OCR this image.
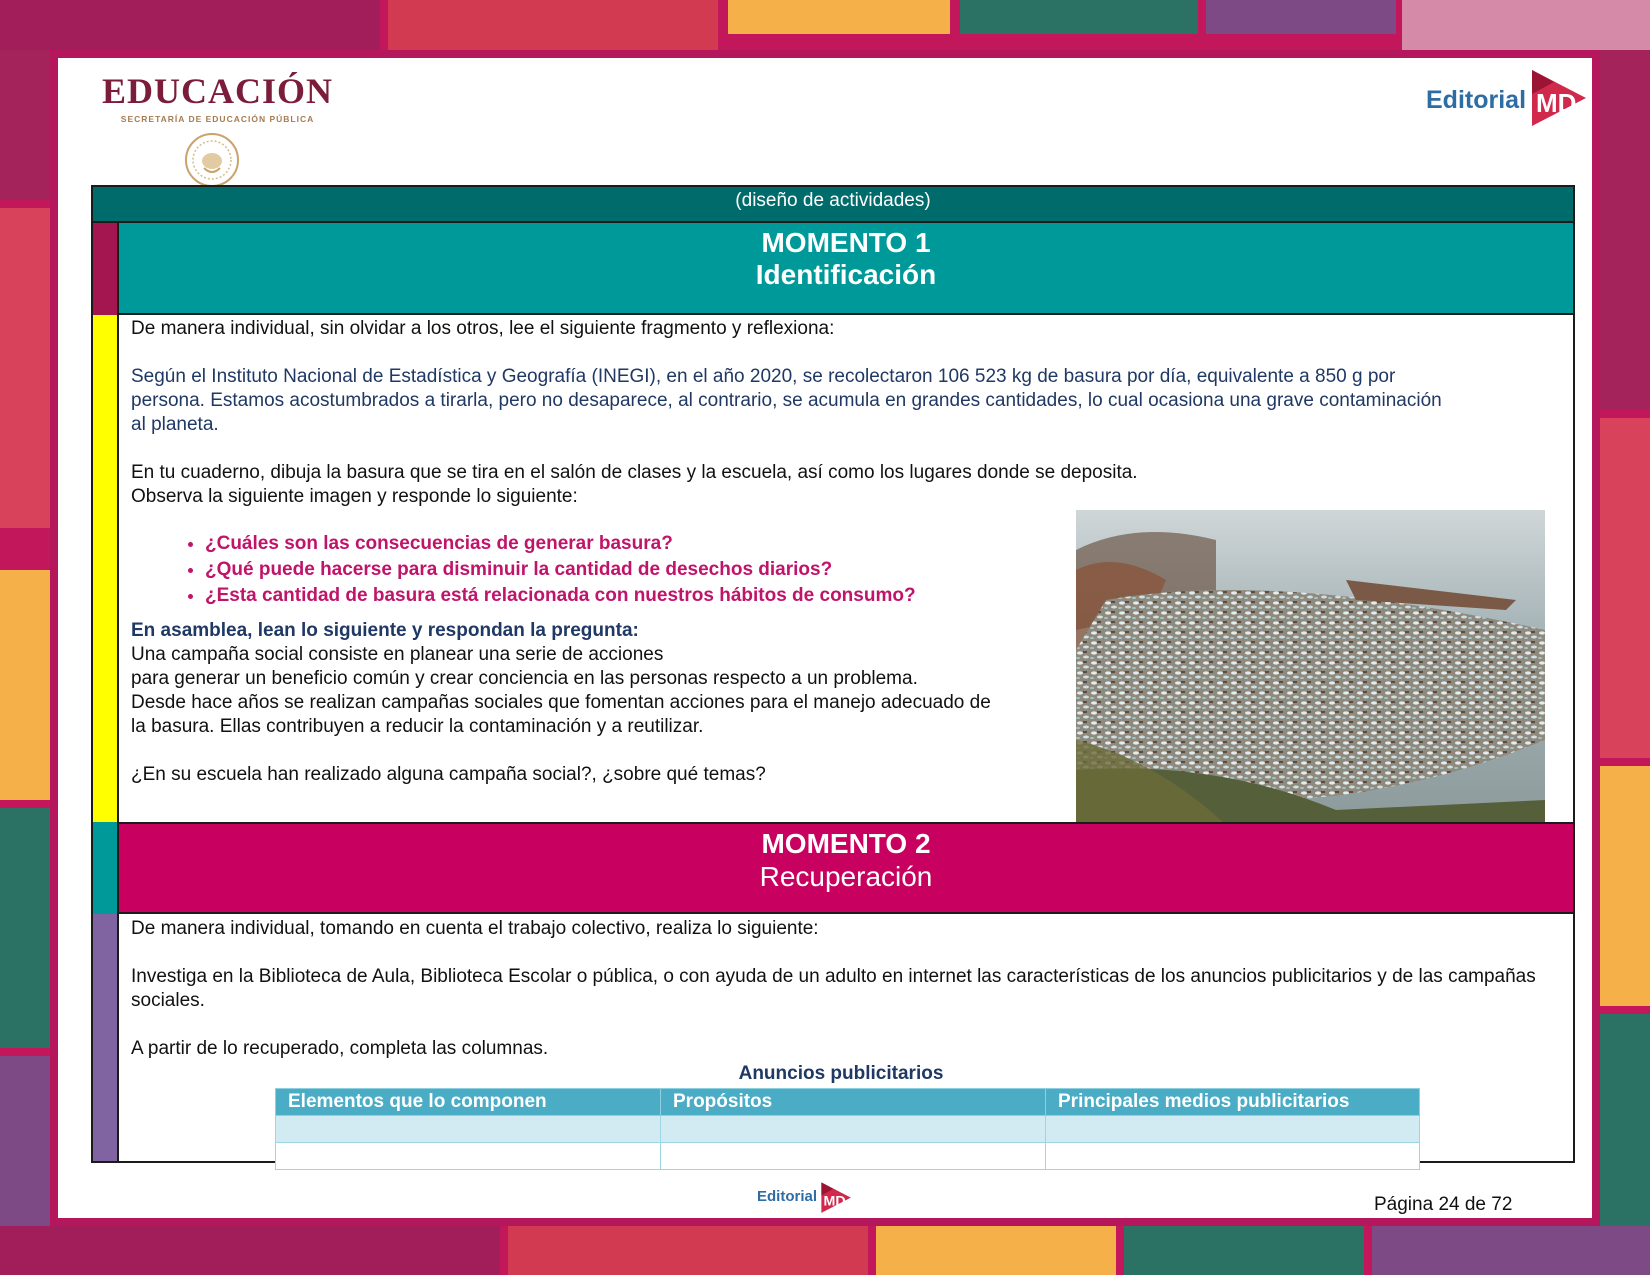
EDUCACIÓN
SECRETARÍA DE EDUCACIÓN PÚBLICA
MD
Editorial
(diseño de actividades)
MOMENTO 1
Identificación
De manera individual, sin olvidar a los otros, lee el siguiente fragmento y reflexiona:
Según el Instituto Nacional de Estadística y Geografía (INEGI), en el año 2020, se recolectaron 106 523 kg de basura por día, equivalente a 850 g por persona. Estamos acostumbrados a tirarla, pero no desaparece, al contrario, se acumula en grandes cantidades, lo cual ocasiona una grave contaminación al planeta.
En tu cuaderno, dibuja la basura que se tira en el salón de clases y la escuela, así como los lugares donde se deposita.
Observa la siguiente imagen y responde lo siguiente:
• ¿Cuáles son las consecuencias de generar basura?
• ¿Qué puede hacerse para disminuir la cantidad de desechos diarios?
• ¿Esta cantidad de basura está relacionada con nuestros hábitos de consumo?
En asamblea, lean lo siguiente y respondan la pregunta:
Una campaña social consiste en planear una serie de acciones
para generar un beneficio común y crear conciencia en las personas respecto a un problema.
Desde hace años se realizan campañas sociales que fomentan acciones para el manejo adecuado de
la basura. Ellas contribuyen a reducir la contaminación y a reutilizar.
¿En su escuela han realizado alguna campaña social?, ¿sobre qué temas?
MOMENTO 2
Recuperación
De manera individual, tomando en cuenta el trabajo colectivo, realiza lo siguiente:
Investiga en la Biblioteca de Aula, Biblioteca Escolar o pública, o con ayuda de un adulto en internet las características de los anuncios publicitarios y de las campañas sociales.
A partir de lo recuperado, completa las columnas.
Anuncios publicitarios
Elementos que lo componen	Propósitos	Principales medios publicitarios

Editorial MD	Página 24 de 72
